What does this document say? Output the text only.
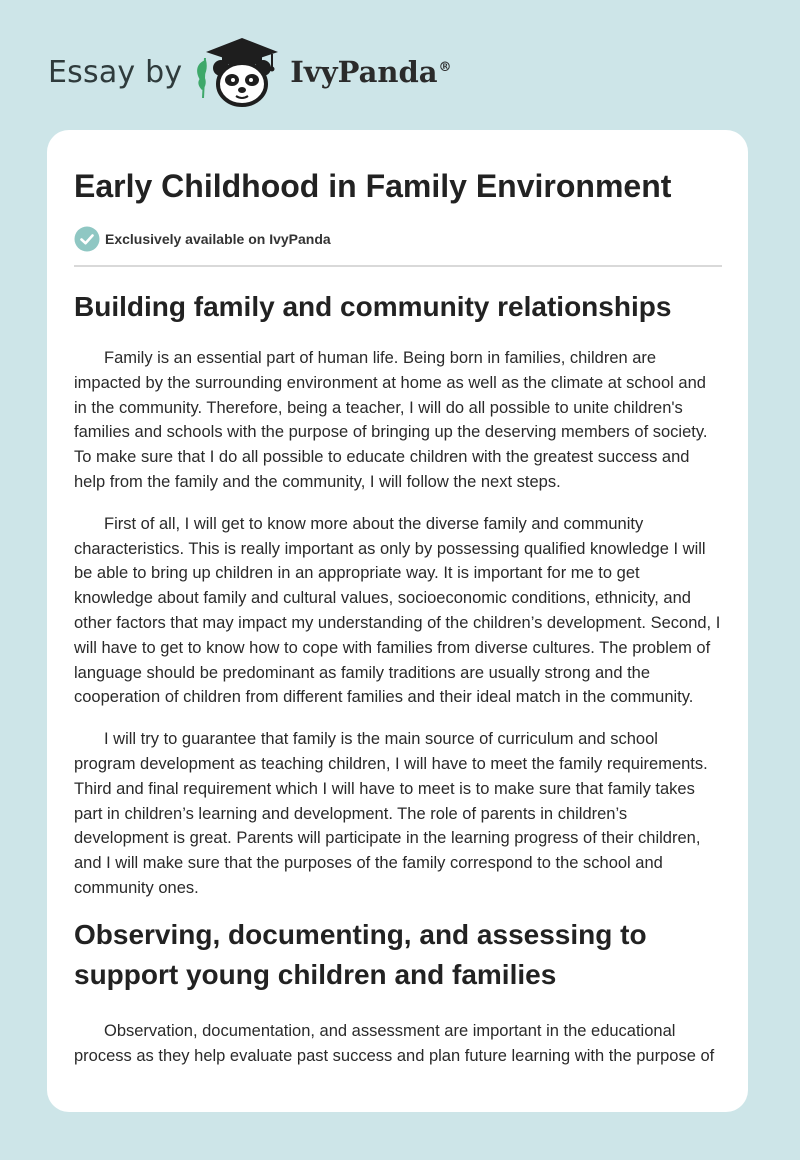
Essay by	IvyPanda®
Early Childhood in Family Environment
Exclusively available on IvyPanda
Building family and community relationships

Family is an essential part of human life. Being born in families, children are impacted by the surrounding environment at home as well as the climate at school and in the community. Therefore, being a teacher, I will do all possible to unite children's families and schools with the purpose of bringing up the deserving members of society. To make sure that I do all possible to educate children with the greatest success and help from the family and the community, I will follow the next steps.

First of all, I will get to know more about the diverse family and community characteristics. This is really important as only by possessing qualified knowledge I will be able to bring up children in an appropriate way. It is important for me to get knowledge about family and cultural values, socioeconomic conditions, ethnicity, and other factors that may impact my understanding of the children’s development. Second, I will have to get to know how to cope with families from diverse cultures. The problem of language should be predominant as family traditions are usually strong and the cooperation of children from different families and their ideal match in the community.

I will try to guarantee that family is the main source of curriculum and school program development as teaching children, I will have to meet the family requirements. Third and final requirement which I will have to meet is to make sure that family takes part in children’s learning and development. The role of parents in children’s development is great. Parents will participate in the learning progress of their children, and I will make sure that the purposes of the family correspond to the school and community ones.

Observing, documenting, and assessing to support young children and families

Observation, documentation, and assessment are important in the educational process as they help evaluate past success and plan future learning with the purpose of
